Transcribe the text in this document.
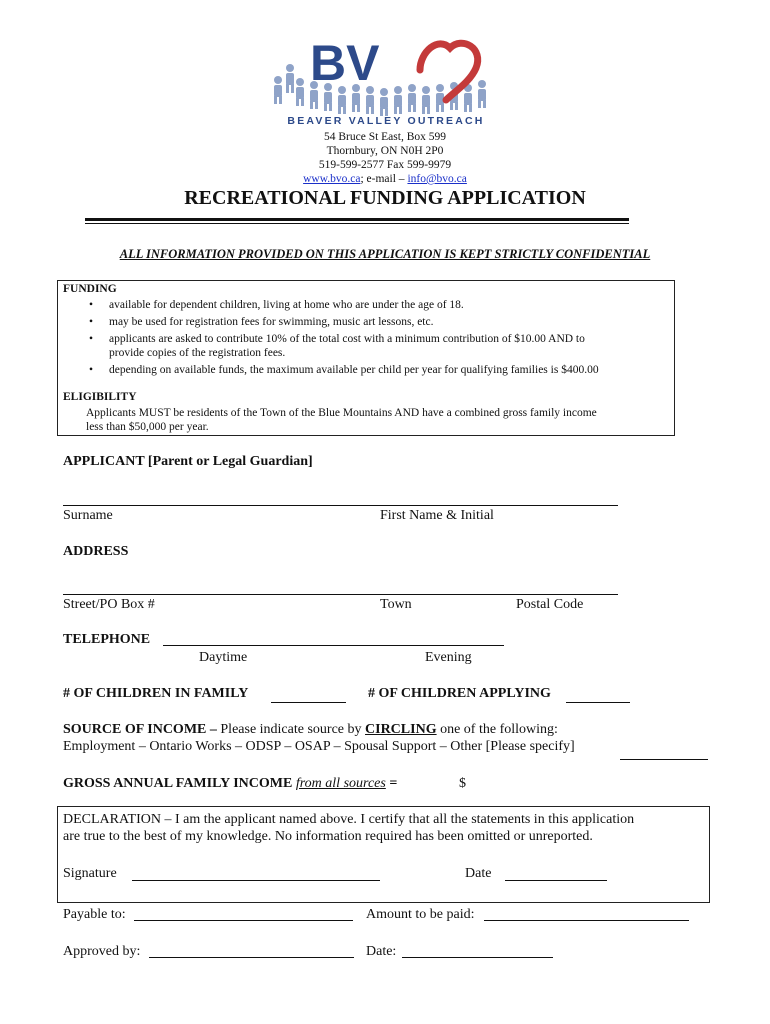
BV
BEAVER VALLEY OUTREACH
54 Bruce St East, Box 599
Thornbury, ON N0H 2P0
519-599-2577 Fax 599-9979
www.bvo.ca; e-mail – info@bvo.ca
RECREATIONAL FUNDING APPLICATION
ALL INFORMATION PROVIDED ON THIS APPLICATION IS KEPT STRICTLY CONFIDENTIAL
FUNDING
• available for dependent children, living at home who are under the age of 18.
• may be used for registration fees for swimming, music art lessons, etc.
• applicants are asked to contribute 10% of the total cost with a minimum contribution of $10.00 AND to
provide copies of the registration fees.
• depending on available funds, the maximum available per child per year for qualifying families is $400.00
ELIGIBILITY
Applicants MUST be residents of the Town of the Blue Mountains AND have a combined gross family income
less than $50,000 per year.
APPLICANT [Parent or Legal Guardian]
Surname	First Name & Initial
ADDRESS
Street/PO Box #	Town	Postal Code
TELEPHONE
Daytime	Evening
# OF CHILDREN IN FAMILY	# OF CHILDREN APPLYING
SOURCE OF INCOME – Please indicate source by CIRCLING one of the following:
Employment – Ontario Works – ODSP – OSAP – Spousal Support – Other [Please specify]
GROSS ANNUAL FAMILY INCOME from all sources =	$
DECLARATION – I am the applicant named above. I certify that all the statements in this application
are true to the best of my knowledge. No information required has been omitted or unreported.
Signature	Date
Payable to:	Amount to be paid:
Approved by:	Date:
